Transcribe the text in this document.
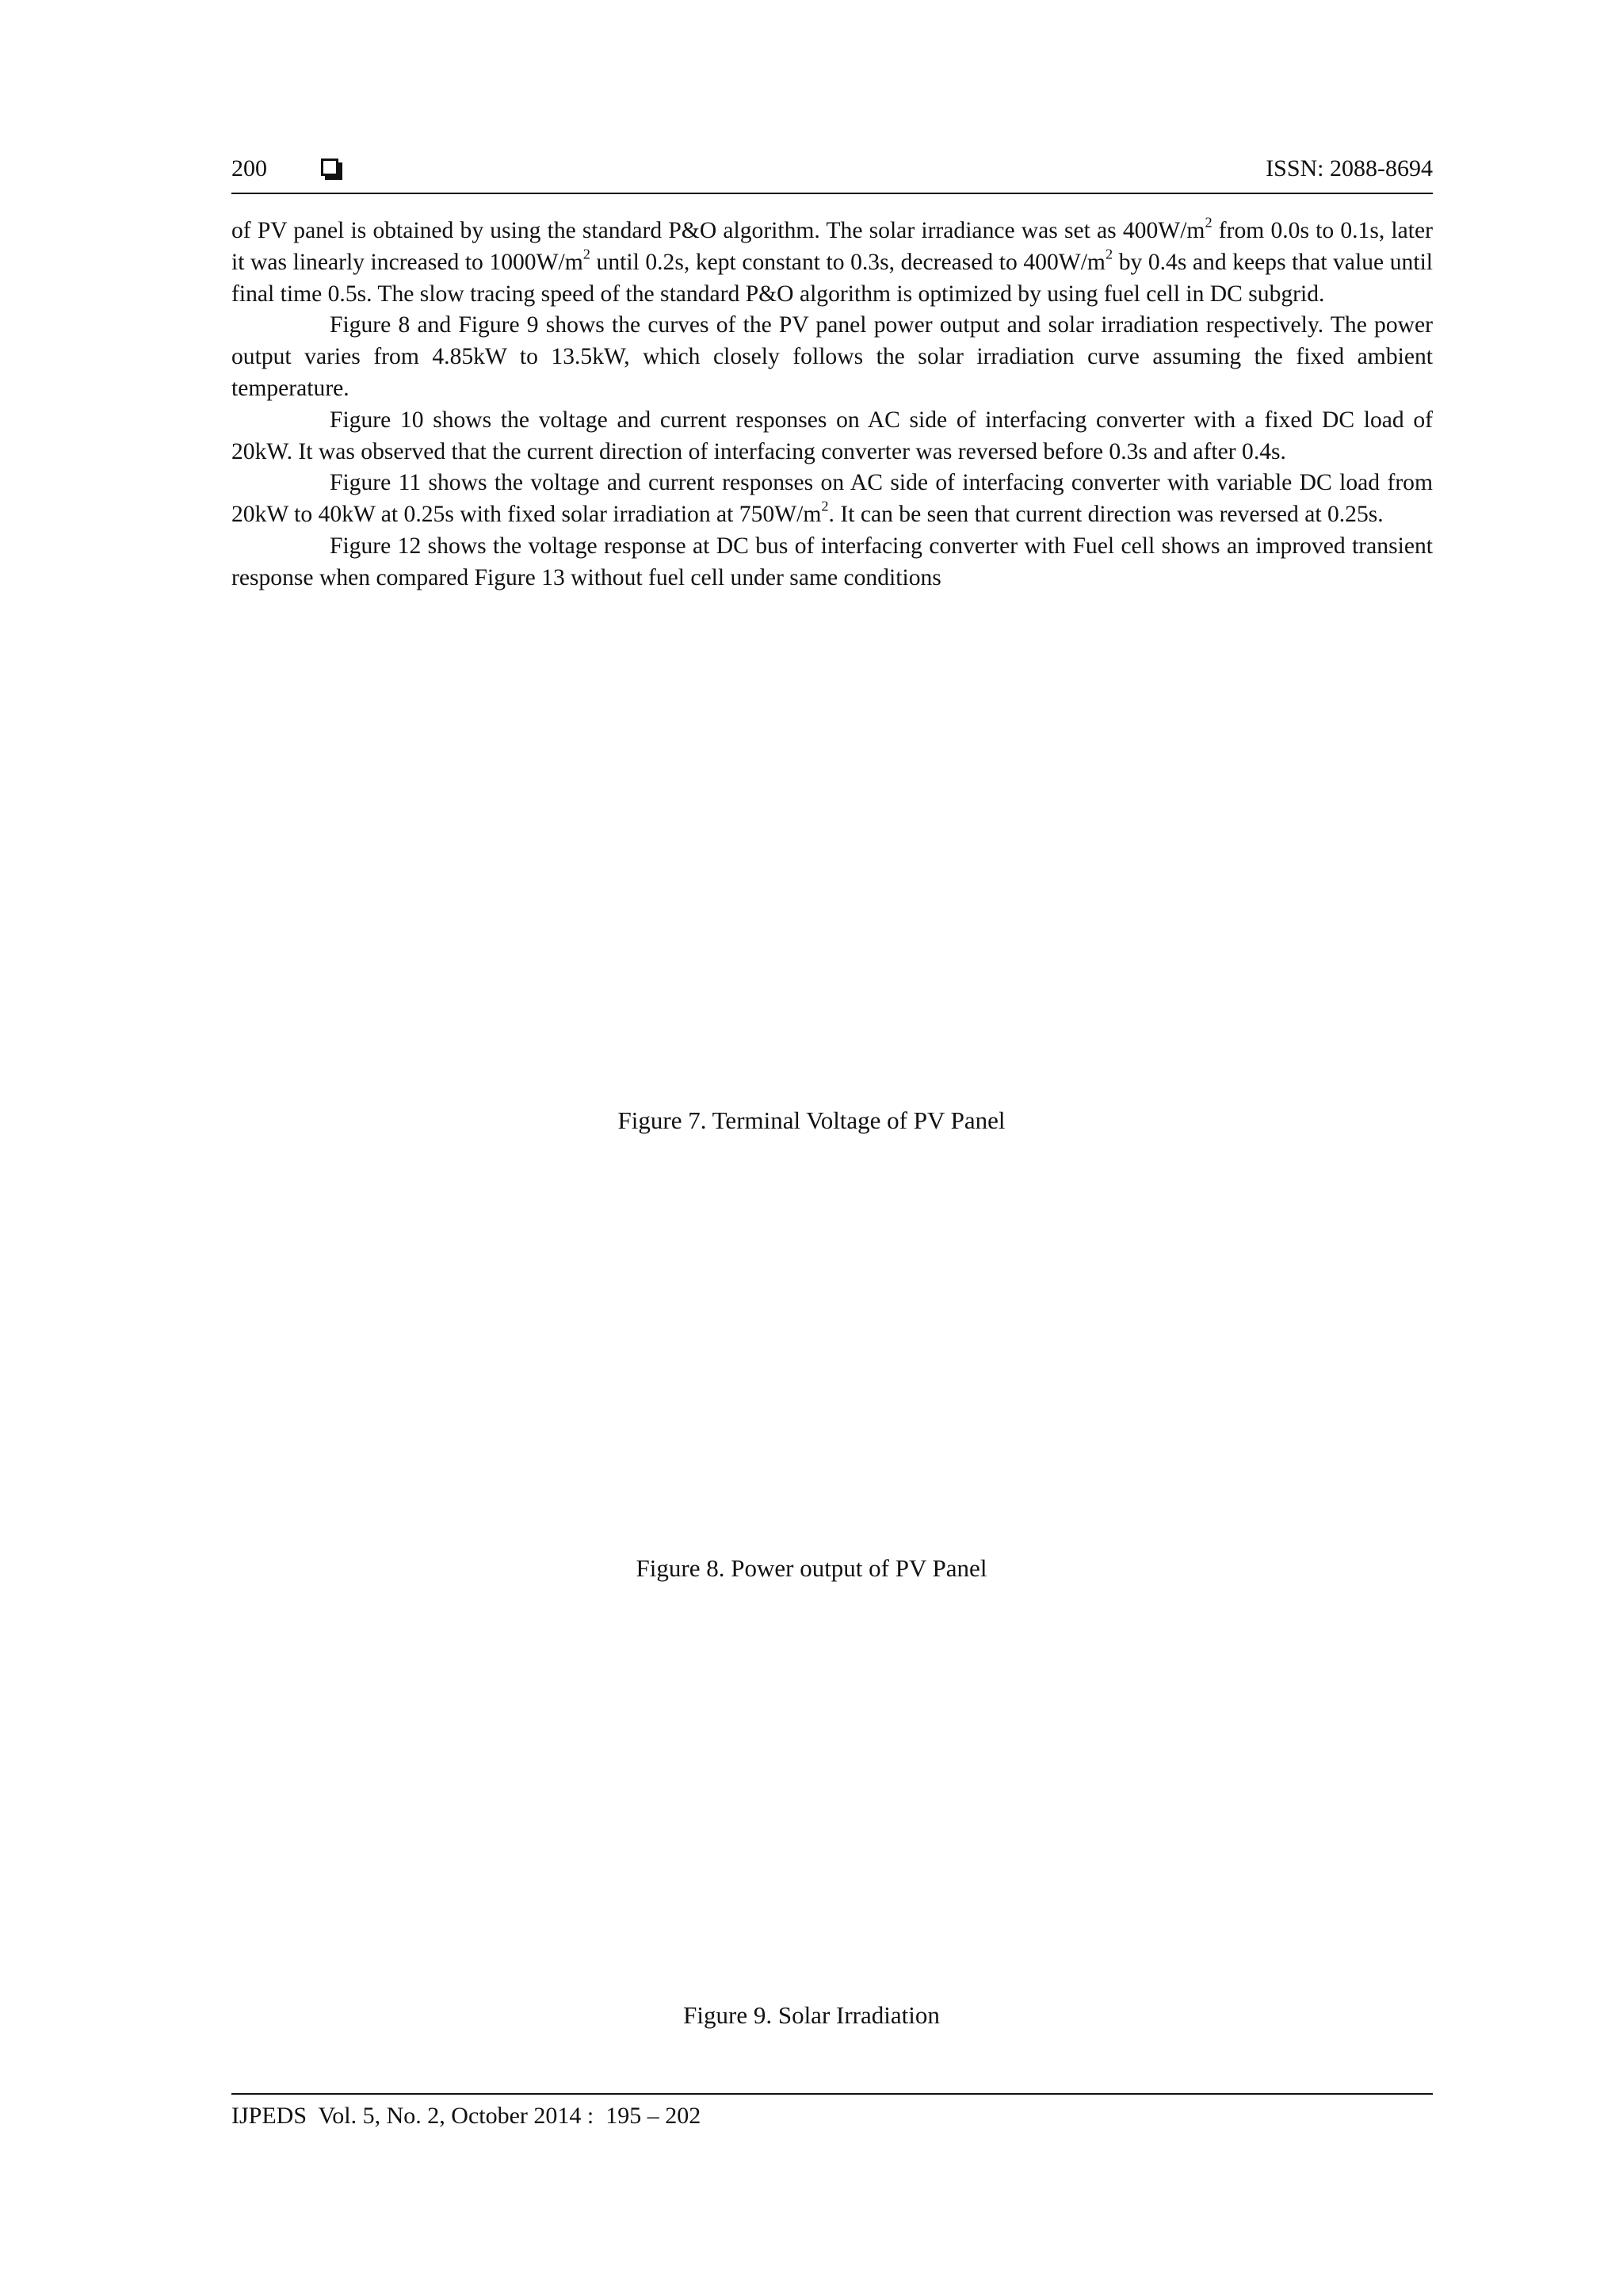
200	ISSN: 2088-8694

of PV panel is obtained by using the standard P&O algorithm. The solar irradiance was set as $400W/m^2$ from 0.0s to 0.1s, later it was linearly increased to $1000W/m^2$ until 0.2s, kept constant to 0.3s, decreased to $400W/m^2$ by 0.4s and keeps that value until final time 0.5s. The slow tracing speed of the standard P&O algorithm is optimized by using fuel cell in DC subgrid.

Figure 8 and Figure 9 shows the curves of the PV panel power output and solar irradiation respectively. The power output varies from 4.85kW to 13.5kW, which closely follows the solar irradiation curve assuming the fixed ambient temperature.

Figure 10 shows the voltage and current responses on AC side of interfacing converter with a fixed DC load of 20kW. It was observed that the current direction of interfacing converter was reversed before 0.3s and after 0.4s.

Figure 11 shows the voltage and current responses on AC side of interfacing converter with variable DC load from 20kW to 40kW at 0.25s with fixed solar irradiation at $750W/m^2$. It can be seen that current direction was reversed at 0.25s.

Figure 12 shows the voltage response at DC bus of interfacing converter with Fuel cell shows an improved transient response when compared Figure 13 without fuel cell under same conditions

0	0.05	0.1	0.15	0.2	0.25	0.3	0.35	0.4	0.45	0.5
275
280
285
290
295
300
305
Time in Sec (s)
Voltage in volts (V)
Figure 7. Terminal Voltage of PV Panel
0	0.1	0.2	0.3	0.4	0.5
0
2000
4000
6000
8000
10000
12000
14000
Time in sec (s)
PV Power Output in Watts (W)
Figure 8. Power output of PV Panel
0	0.1	0.2	0.3	0.4	0.5
0
200
400
600
800
1000
1200
Time in sec (s)
Solar Irradiation (W/m2)
Figure 9. Solar Irradiation
IJPEDS  Vol. 5, No. 2, October 2014 :  195 – 202
